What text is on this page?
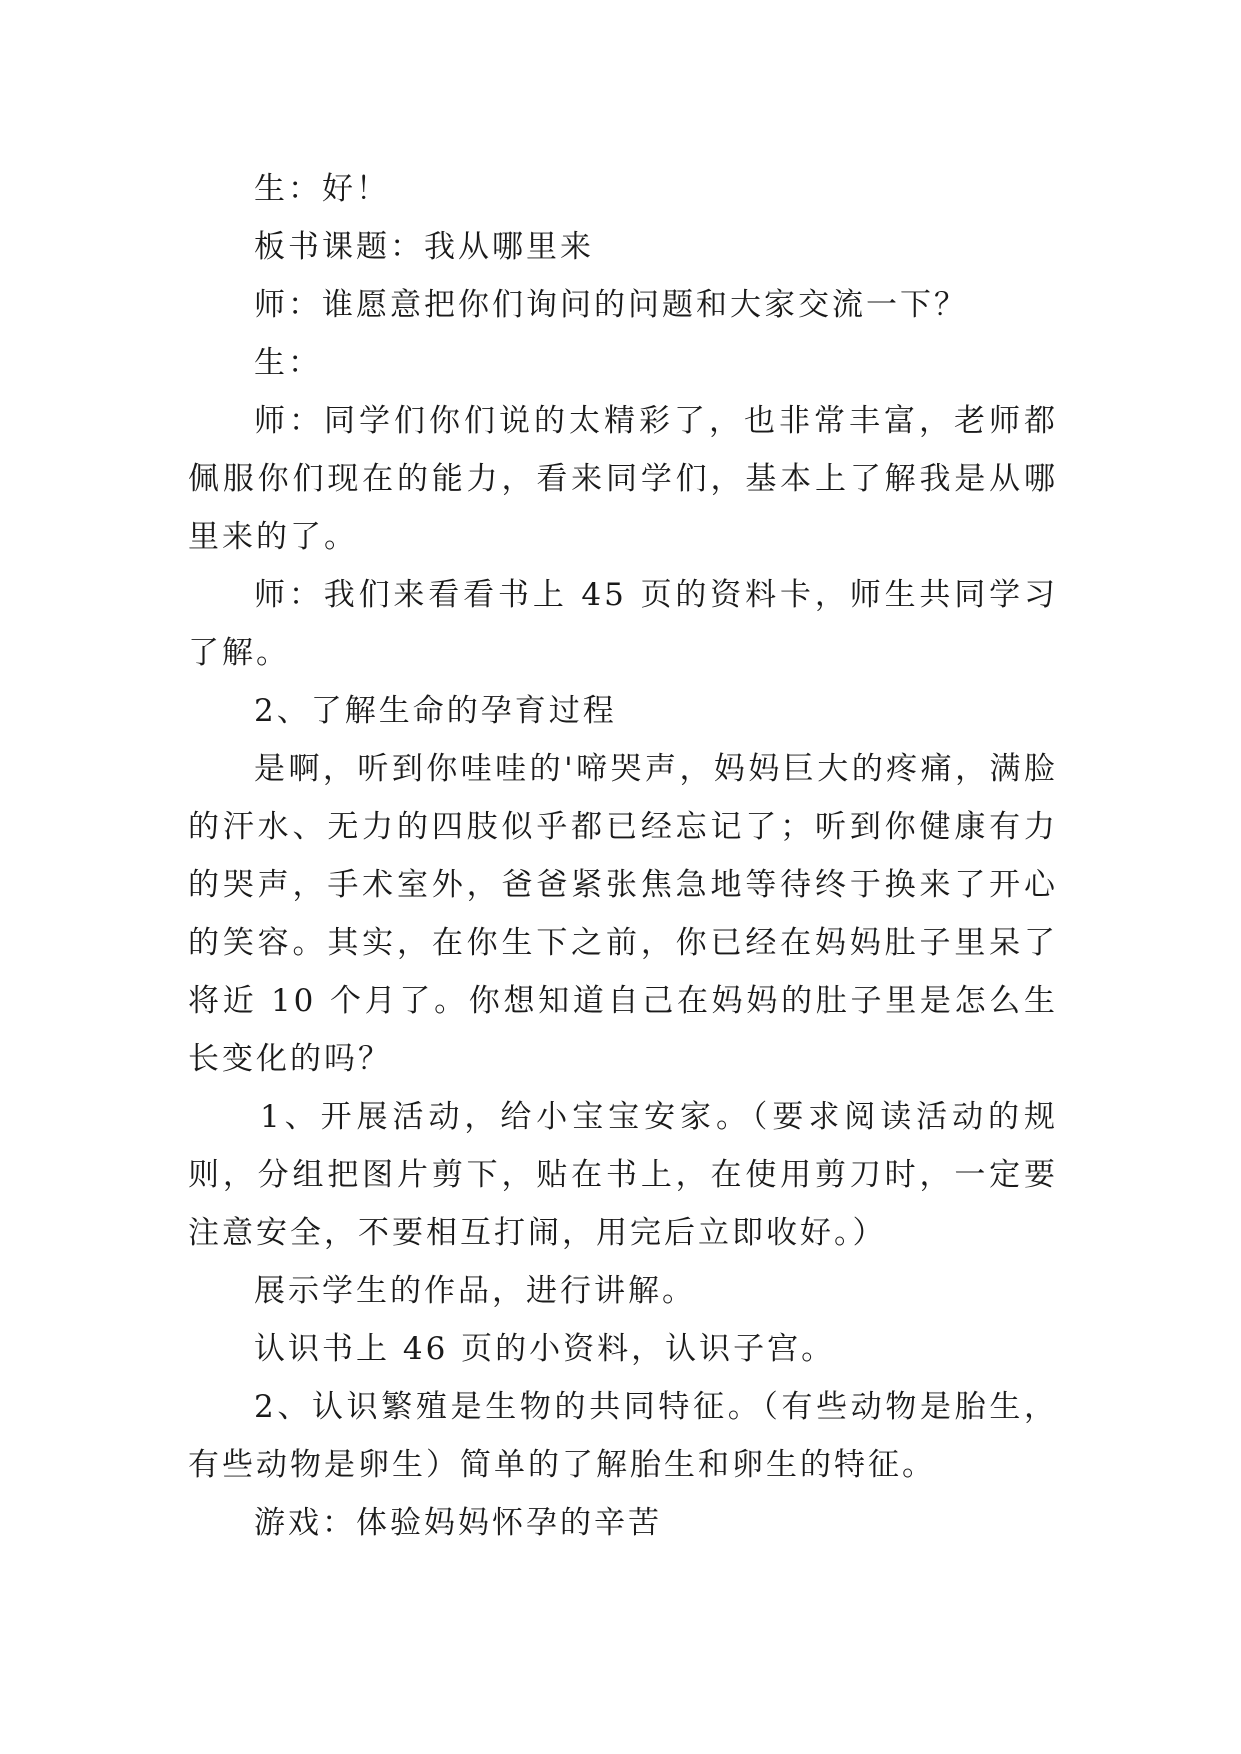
生：好！

板书课题：我从哪里来

师：谁愿意把你们询问的问题和大家交流一下？

生：

师：同学们你们说的太精彩了，也非常丰富，老师都佩服你们现在的能力，看来同学们，基本上了解我是从哪里来的了。

师：我们来看看书上 45 页的资料卡，师生共同学习了解。

2、了解生命的孕育过程

是啊，听到你哇哇的'啼哭声，妈妈巨大的疼痛，满脸的汗水、无力的四肢似乎都已经忘记了；听到你健康有力的哭声，手术室外，爸爸紧张焦急地等待终于换来了开心的笑容。其实，在你生下之前，你已经在妈妈肚子里呆了将近 10 个月了。你想知道自己在妈妈的肚子里是怎么生长变化的吗？

1、开展活动，给小宝宝安家。（要求阅读活动的规则，分组把图片剪下，贴在书上，在使用剪刀时，一定要注意安全，不要相互打闹，用完后立即收好。）

展示学生的作品，进行讲解。

认识书上 46 页的小资料，认识子宫。

2、认识繁殖是生物的共同特征。（有些动物是胎生，有些动物是卵生）简单的了解胎生和卵生的特征。

游戏：体验妈妈怀孕的辛苦
